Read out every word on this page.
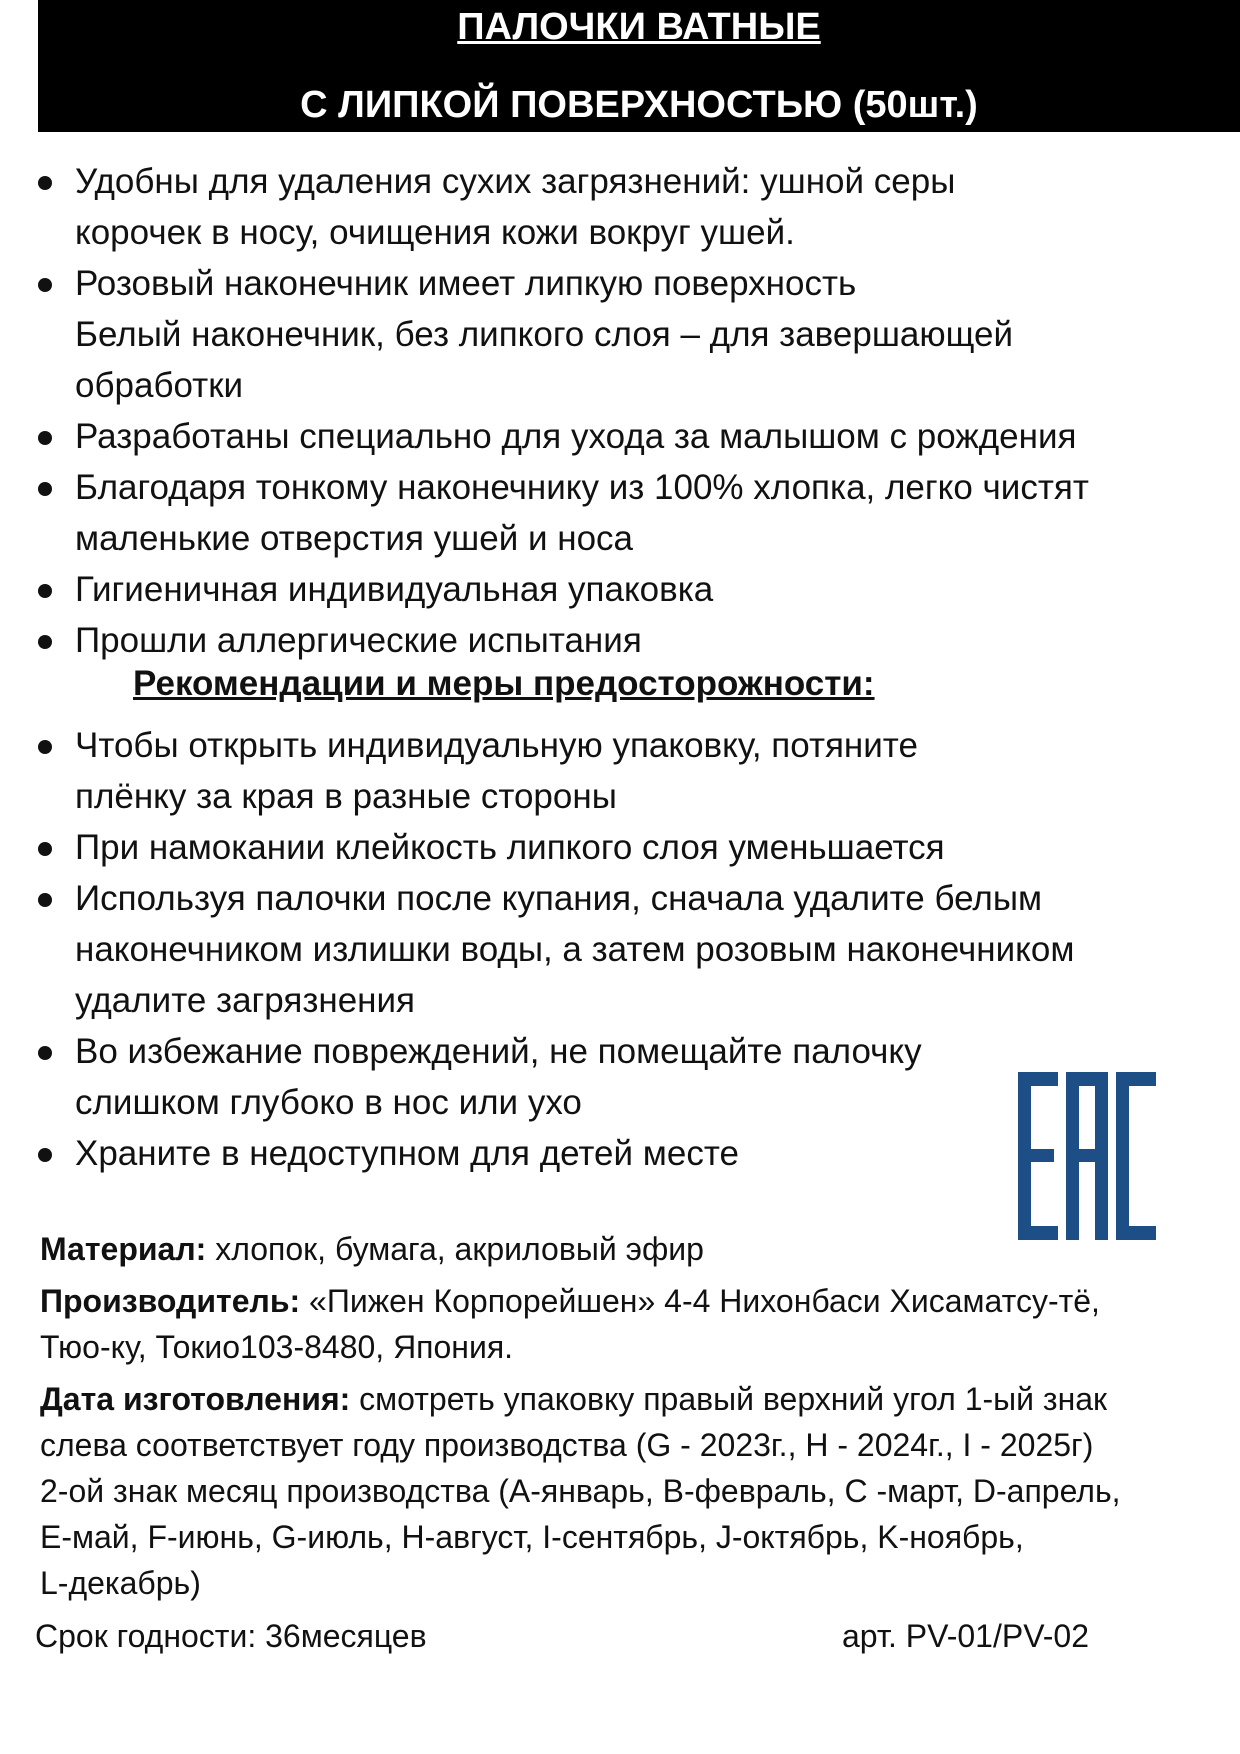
ПАЛОЧКИ ВАТНЫЕ
С ЛИПКОЙ ПОВЕРХНОСТЬЮ (50шт.)
Удобны для удаления сухих загрязнений: ушной серы
корочек в носу, очищения кожи вокруг ушей.
Розовый наконечник имеет липкую поверхность
Белый наконечник, без липкого слоя – для завершающей
обработки
Разработаны специально для ухода за малышом с рождения
Благодаря тонкому наконечнику из 100% хлопка, легко чистят
маленькие отверстия ушей и носа
Гигиеничная индивидуальная упаковка
Прошли аллергические испытания
Рекомендации и меры предосторожности:
Чтобы открыть индивидуальную упаковку, потяните
плёнку за края в разные стороны
При намокании клейкость липкого слоя уменьшается
Используя палочки после купания, сначала удалите белым
наконечником излишки воды, а затем розовым наконечником
удалите загрязнения
Во избежание повреждений, не помещайте палочку
слишком глубоко в нос или ухо
Храните в недоступном для детей месте
Материал: хлопок, бумага, акриловый эфир
Производитель: «Пижен Корпорейшен» 4-4 Нихонбаси Хисаматсу-тё,
Тюо-ку, Токио103-8480, Япония.
Дата изготовления: смотреть упаковку правый верхний угол 1-ый знак
слева соответствует году производства (G - 2023г., H - 2024г., I - 2025г)
2-ой знак месяц производства (A-январь, B-февраль, C -март, D-апрель,
E-май, F-июнь, G-июль, H-август, I-сентябрь, J-октябрь, K-ноябрь,
L-декабрь)
Срок годности: 36месяцев	арт. PV-01/PV-02
